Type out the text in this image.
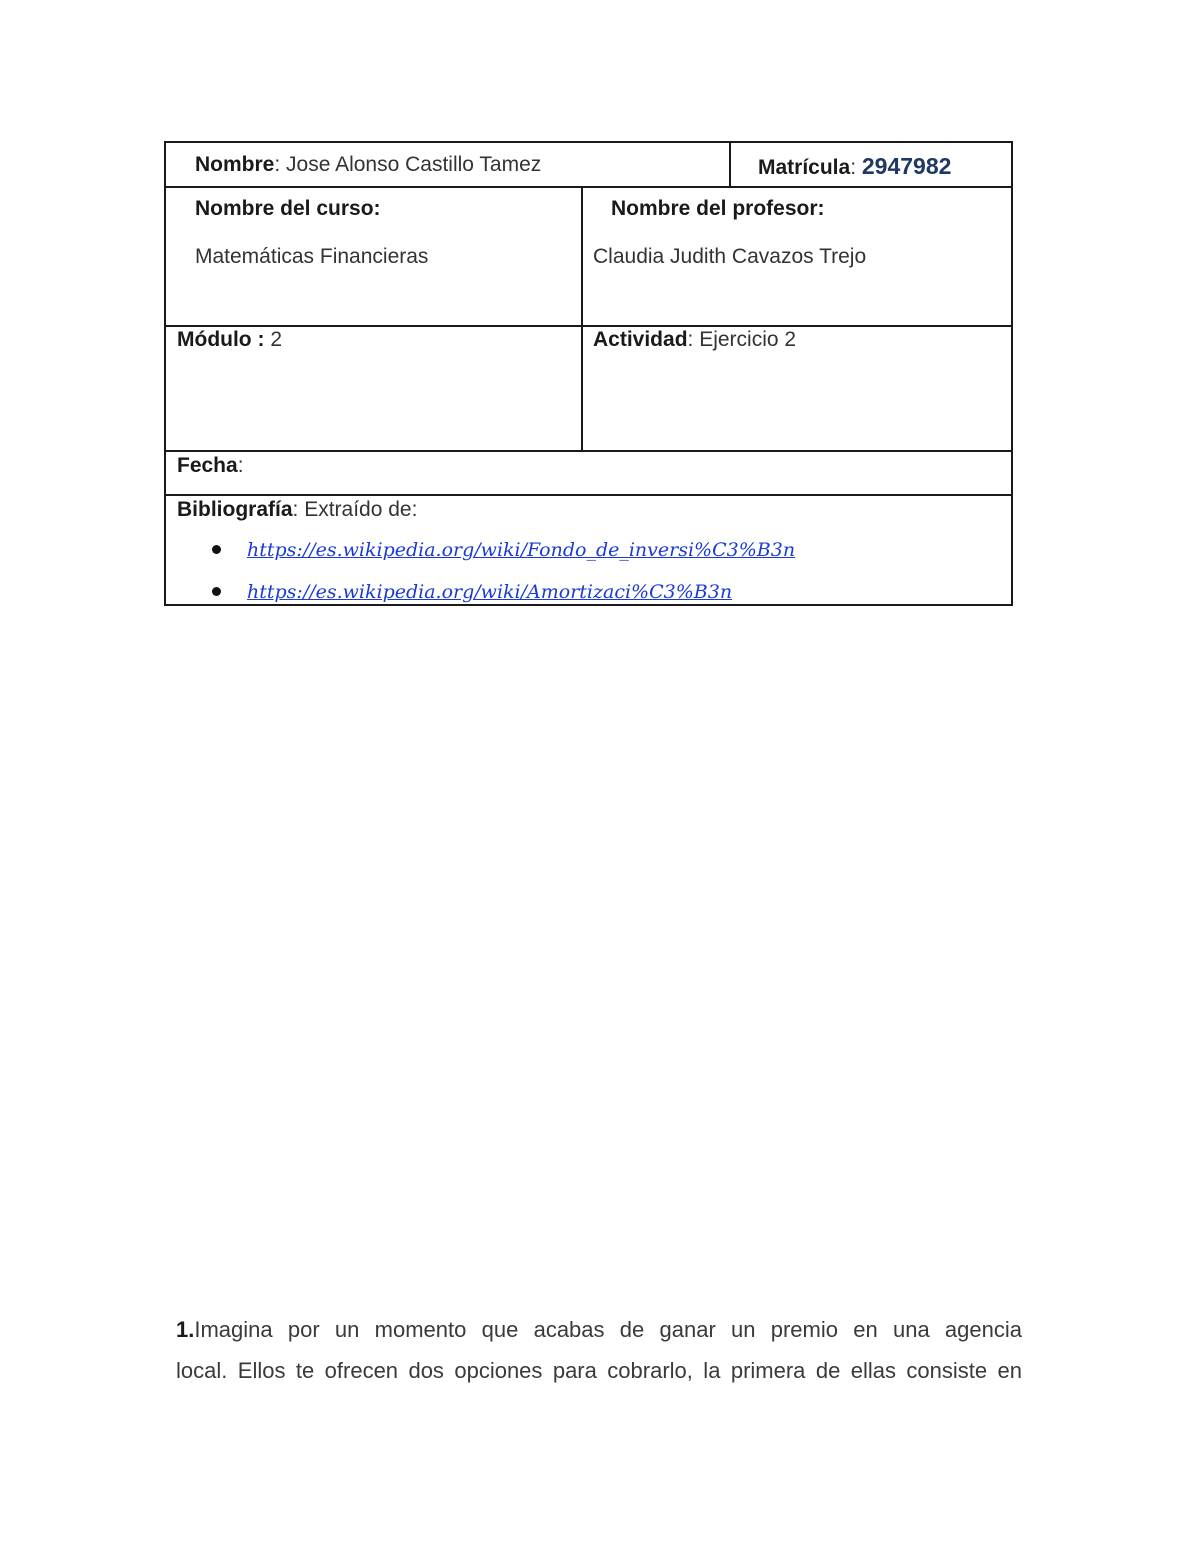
Nombre: Jose Alonso Castillo Tamez	Matrícula: 2947982
Nombre del curso:
Matemáticas Financieras
Nombre del profesor:
Claudia Judith Cavazos Trejo
Módulo : 2	Actividad: Ejercicio 2
Fecha:
Bibliografía: Extraído de:
https://es.wikipedia.org/wiki/Fondo_de_inversi%C3%B3n
https://es.wikipedia.org/wiki/Amortizaci%C3%B3n
1.Imagina por un momento que acabas de ganar un premio en una agencia
local. Ellos te ofrecen dos opciones para cobrarlo, la primera de ellas consiste en
